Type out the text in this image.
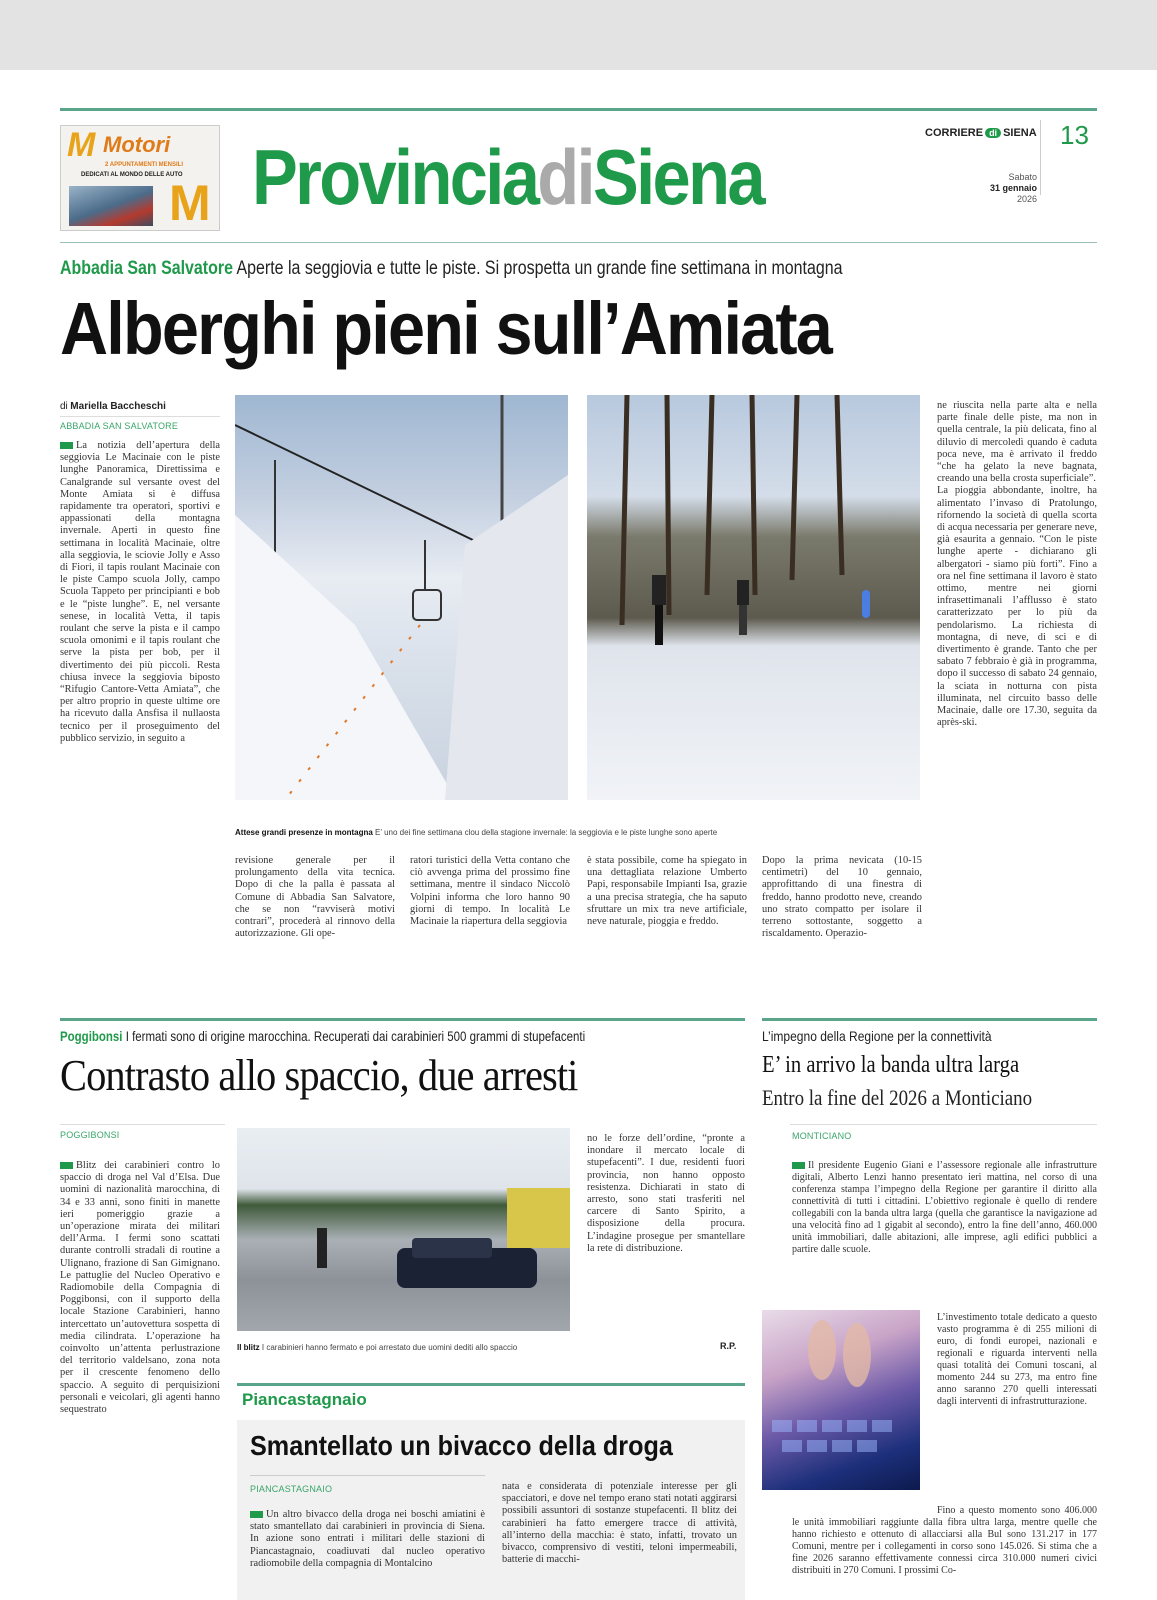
M Motori
2 APPUNTAMENTI MENSILI
DEDICATI AL MONDO DELLE AUTO
M ProvinciadiSiena	CORRIERE di SIENA 13
Sabato
31 gennaio
2026
Abbadia San Salvatore Aperte la seggiovia e tutte le piste. Si prospetta un grande fine settimana in montagna
Alberghi pieni sull’Amiata
di Mariella Baccheschi
ABBADIA SAN SALVATORE
La notizia dell’apertura della seggiovia Le Macinaie con le piste lunghe Panoramica, Direttissima e Canalgrande sul versante ovest del Monte Amiata si è diffusa rapidamente tra operatori, sportivi e appassionati della montagna invernale. Aperti in questo fine settimana in località Macinaie, oltre alla seggiovia, le sciovie Jolly e Asso di Fiori, il tapis roulant Macinaie con le piste Campo scuola Jolly, campo Scuola Tappeto per principianti e bob e le “piste lunghe”. E, nel versante senese, in località Vetta, il tapis roulant che serve la pista e il campo scuola omonimi e il tapis roulant che serve la pista per bob, per il divertimento dei più piccoli. Resta chiusa invece la seggiovia biposto “Rifugio Cantore-Vetta Amiata”, che per altro proprio in queste ultime ore ha ricevuto dalla Ansfisa il nullaosta tecnico per il proseguimento del pubblico servizio, in seguito a
Attese grandi presenze in montagna E’ uno dei fine settimana clou della stagione invernale: la seggiovia e le piste lunghe sono aperte
revisione generale per il prolungamento della vita tecnica. Dopo di che la palla è passata al Comune di Abbadia San Salvatore, che se non “ravviserà motivi contrari”, procederà al rinnovo della autorizzazione. Gli ope-
ratori turistici della Vetta contano che ciò avvenga prima del prossimo fine settimana, mentre il sindaco Niccolò Volpini informa che loro hanno 90 giorni di tempo. In località Le Macinaie la riapertura della seggiovia
è stata possibile, come ha spiegato in una dettagliata relazione Umberto Papi, responsabile Impianti Isa, grazie a una precisa strategia, che ha saputo sfruttare un mix tra neve artificiale, neve naturale, pioggia e freddo.
Dopo la prima nevicata (10-15 centimetri) del 10 gennaio, approfittando di una finestra di freddo, hanno prodotto neve, creando uno strato compatto per isolare il terreno sottostante, soggetto a riscaldamento. Operazio-

ne riuscita nella parte alta e nella parte finale delle piste, ma non in quella centrale, la più delicata, fino al diluvio di mercoledì quando è caduta poca neve, ma è arrivato il freddo “che ha gelato la neve bagnata, creando una bella crosta superficiale”.

La pioggia abbondante, inoltre, ha alimentato l’invaso di Pratolungo, rifornendo la società di quella scorta di acqua necessaria per generare neve, già esaurita a gennaio. “Con le piste lunghe aperte - dichiarano gli albergatori - siamo più forti”. Fino a ora nel fine settimana il lavoro è stato ottimo, mentre nei giorni infrasettimanali l’afflusso è stato caratterizzato per lo più da pendolarismo. La richiesta di montagna, di neve, di sci e di divertimento è grande. Tanto che per sabato 7 febbraio è già in programma, dopo il successo di sabato 24 gennaio, la sciata in notturna con pista illuminata, nel circuito basso delle Macinaie, dalle ore 17.30, seguita da après-ski.

Poggibonsi I fermati sono di origine marocchina. Recuperati dai carabinieri 500 grammi di stupefacenti
Contrasto allo spaccio, due arresti
POGGIBONSI
Blitz dei carabinieri contro lo spaccio di droga nel Val d’Elsa. Due uomini di nazionalità marocchina, di 34 e 33 anni, sono finiti in manette ieri pomeriggio grazie a un’operazione mirata dei militari dell’Arma. I fermi sono scattati durante controlli stradali di routine a Ulignano, frazione di San Gimignano. Le pattuglie del Nucleo Operativo e Radiomobile della Compagnia di Poggibonsi, con il supporto della locale Stazione Carabinieri, hanno intercettato un’autovettura sospetta di media cilindrata. L’operazione ha coinvolto un’attenta perlustrazione del territorio valdelsano, zona nota per il crescente fenomeno dello spaccio. A seguito di perquisizioni personali e veicolari, gli agenti hanno sequestrato
Il blitz I carabinieri hanno fermato e poi arrestato due uomini dediti allo spaccio
no le forze dell’ordine, “pronte a inondare il mercato locale di stupefacenti”. I due, residenti fuori provincia, non hanno opposto resistenza. Dichiarati in stato di arresto, sono stati trasferiti nel carcere di Santo Spirito, a disposizione della procura. L’indagine prosegue per smantellare la rete di distribuzione.
R.P.
Piancastagnaio
Smantellato un bivacco della droga
PIANCASTAGNAIO
Un altro bivacco della droga nei boschi amiatini è stato smantellato dai carabinieri in provincia di Siena. In azione sono entrati i militari delle stazioni di Piancastagnaio, coadiuvati dal nucleo operativo radiomobile della compagnia di Montalcino
nata e considerata di potenziale interesse per gli spacciatori, e dove nel tempo erano stati notati aggirarsi possibili assuntori di sostanze stupefacenti. Il blitz dei carabinieri ha fatto emergere tracce di attività, all’interno della macchia: è stato, infatti, trovato un bivacco, comprensivo di vestiti, teloni impermeabili, batterie di macchi-
L’impegno della Regione per la connettività
E’ in arrivo la banda ultra larga
Entro la fine del 2026 a Monticiano
MONTICIANO
Il presidente Eugenio Giani e l’assessore regionale alle infrastrutture digitali, Alberto Lenzi hanno presentato ieri mattina, nel corso di una conferenza stampa l’impegno della Regione per garantire il diritto alla connettività di tutti i cittadini. L’obiettivo regionale è quello di rendere collegabili con la banda ultra larga (quella che garantisce la navigazione ad una velocità fino ad 1 gigabit al secondo), entro la fine dell’anno, 460.000 unità immobiliari, dalle abitazioni, alle imprese, agli edifici pubblici a partire dalle scuole.
L’investimento totale dedicato a questo vasto programma è di 255 milioni di euro, di fondi europei, nazionali e regionali e riguarda interventi nella quasi totalità dei Comuni toscani, al momento 244 su 273, ma entro fine anno saranno 270 quelli interessati dagli interventi di infrastrutturazione.
Fino a questo momento sono 406.000 le unità immobiliari raggiunte dalla fibra ultra larga, mentre quelle che hanno richiesto e ottenuto di allacciarsi alla Bul sono 131.217 in 177 Comuni, mentre per i collegamenti in corso sono 145.026. Si stima che a fine 2026 saranno effettivamente connessi circa 310.000 numeri civici distribuiti in 270 Comuni. I prossimi Co-
